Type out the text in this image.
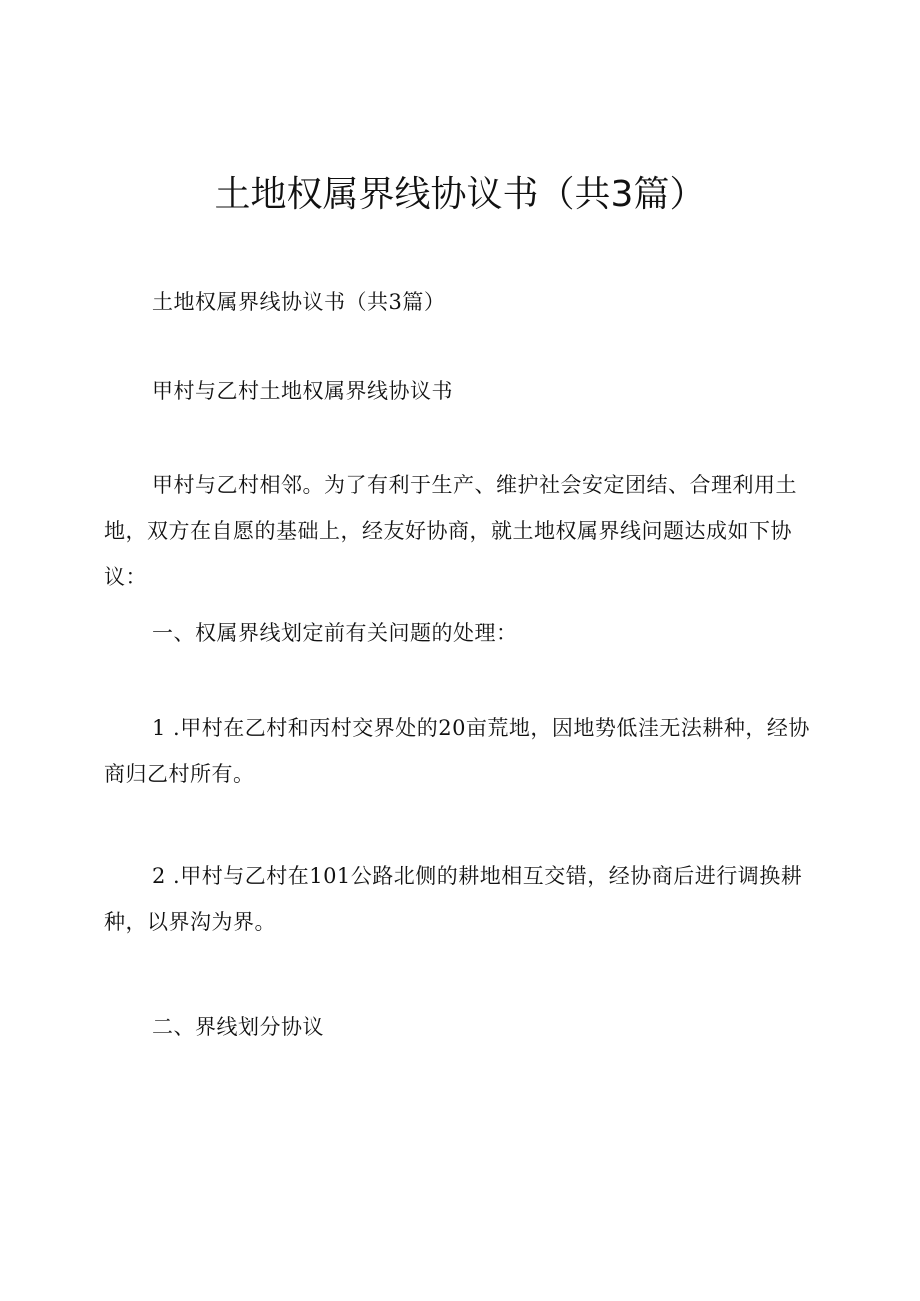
土地权属界线协议书（共3篇）

土地权属界线协议书（共3篇）

甲村与乙村土地权属界线协议书

甲村与乙村相邻。为了有利于生产、维护社会安定团结、合理利用土地，双方在自愿的基础上，经友好协商，就土地权属界线问题达成如下协议：

一、权属界线划定前有关问题的处理：

1 .甲村在乙村和丙村交界处的20亩荒地，因地势低洼无法耕种，经协商归乙村所有。

2 .甲村与乙村在101公路北侧的耕地相互交错，经协商后进行调换耕种，以界沟为界。

二、界线划分协议
